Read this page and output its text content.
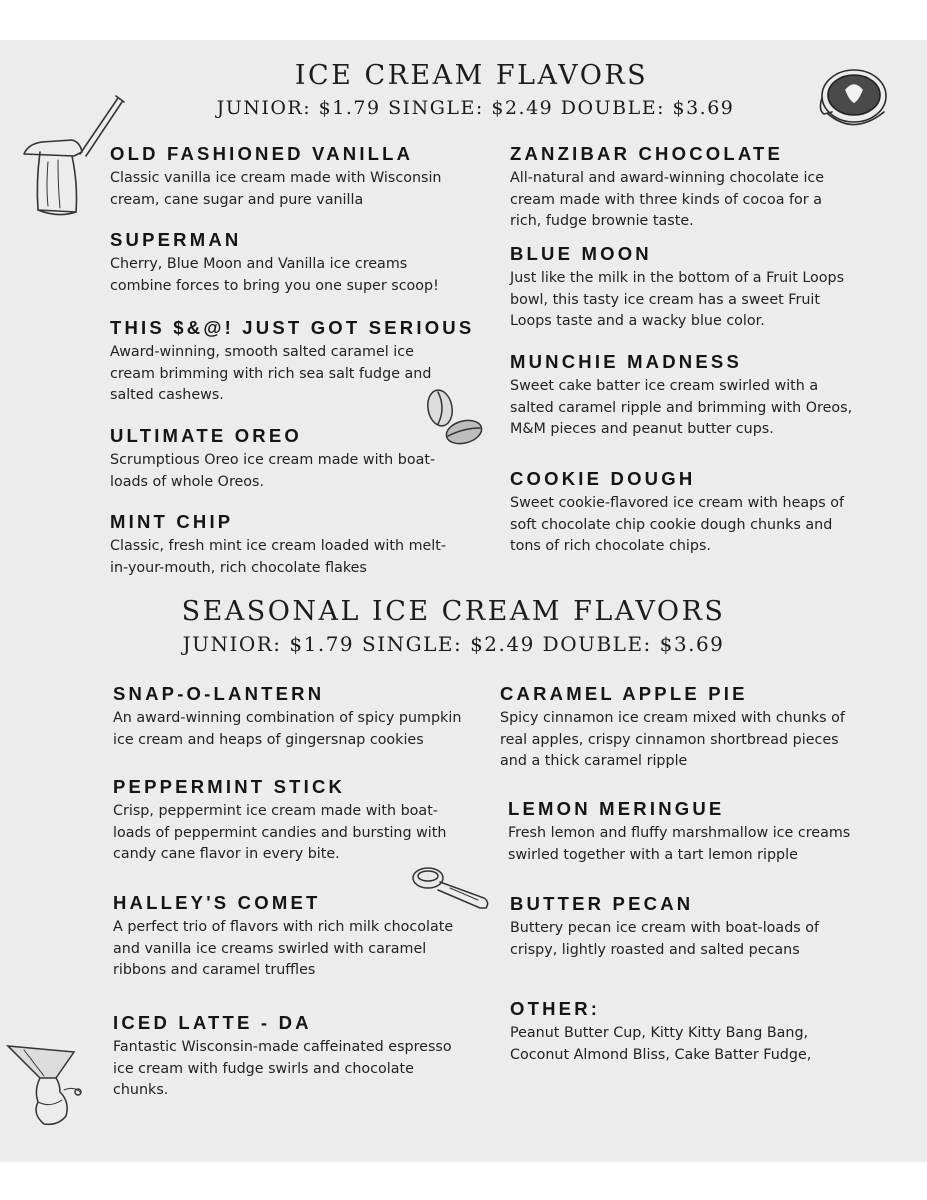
ICE CREAM FLAVORS
JUNIOR: $1.79 SINGLE: $2.49 DOUBLE: $3.69
OLD FASHIONED VANILLA
Classic vanilla ice cream made with Wisconsin cream, cane sugar and pure vanilla
SUPERMAN
Cherry, Blue Moon and Vanilla ice creams combine forces to bring you one super scoop!
THIS $&@! JUST GOT SERIOUS
Award-winning, smooth salted caramel ice cream brimming with rich sea salt fudge and salted cashews.
ULTIMATE OREO
Scrumptious Oreo ice cream made with boat-loads of whole Oreos.
MINT CHIP
Classic, fresh mint ice cream loaded with melt-in-your-mouth, rich chocolate flakes
ZANZIBAR CHOCOLATE
All-natural and award-winning chocolate ice cream made with three kinds of cocoa for a rich, fudge brownie taste.
BLUE MOON
Just like the milk in the bottom of a Fruit Loops bowl, this tasty ice cream has a sweet Fruit Loops taste and a wacky blue color.
MUNCHIE MADNESS
Sweet cake batter ice cream swirled with a salted caramel ripple and brimming with Oreos, M&M pieces and peanut butter cups.
COOKIE DOUGH
Sweet cookie-flavored ice cream with heaps of soft chocolate chip cookie dough chunks and tons of rich chocolate chips.
SEASONAL ICE CREAM FLAVORS
JUNIOR: $1.79 SINGLE: $2.49 DOUBLE: $3.69
SNAP-O-LANTERN
An award-winning combination of spicy pumpkin ice cream and heaps of gingersnap cookies
PEPPERMINT STICK
Crisp, peppermint ice cream made with boat-loads of peppermint candies and bursting with candy cane flavor in every bite.
HALLEY'S COMET
A perfect trio of flavors with rich milk chocolate and vanilla ice creams swirled with caramel ribbons and caramel truffles
ICED LATTE - DA
Fantastic Wisconsin-made caffeinated espresso ice cream with fudge swirls and chocolate chunks.
CARAMEL APPLE PIE
Spicy cinnamon ice cream mixed with chunks of real apples, crispy cinnamon shortbread pieces and a thick caramel ripple
LEMON MERINGUE
Fresh lemon and fluffy marshmallow ice creams swirled together with a tart lemon ripple
BUTTER PECAN
Buttery pecan ice cream with boat-loads of crispy, lightly roasted and salted pecans
OTHER:
Peanut Butter Cup, Kitty Kitty Bang Bang, Coconut Almond Bliss, Cake Batter Fudge,
